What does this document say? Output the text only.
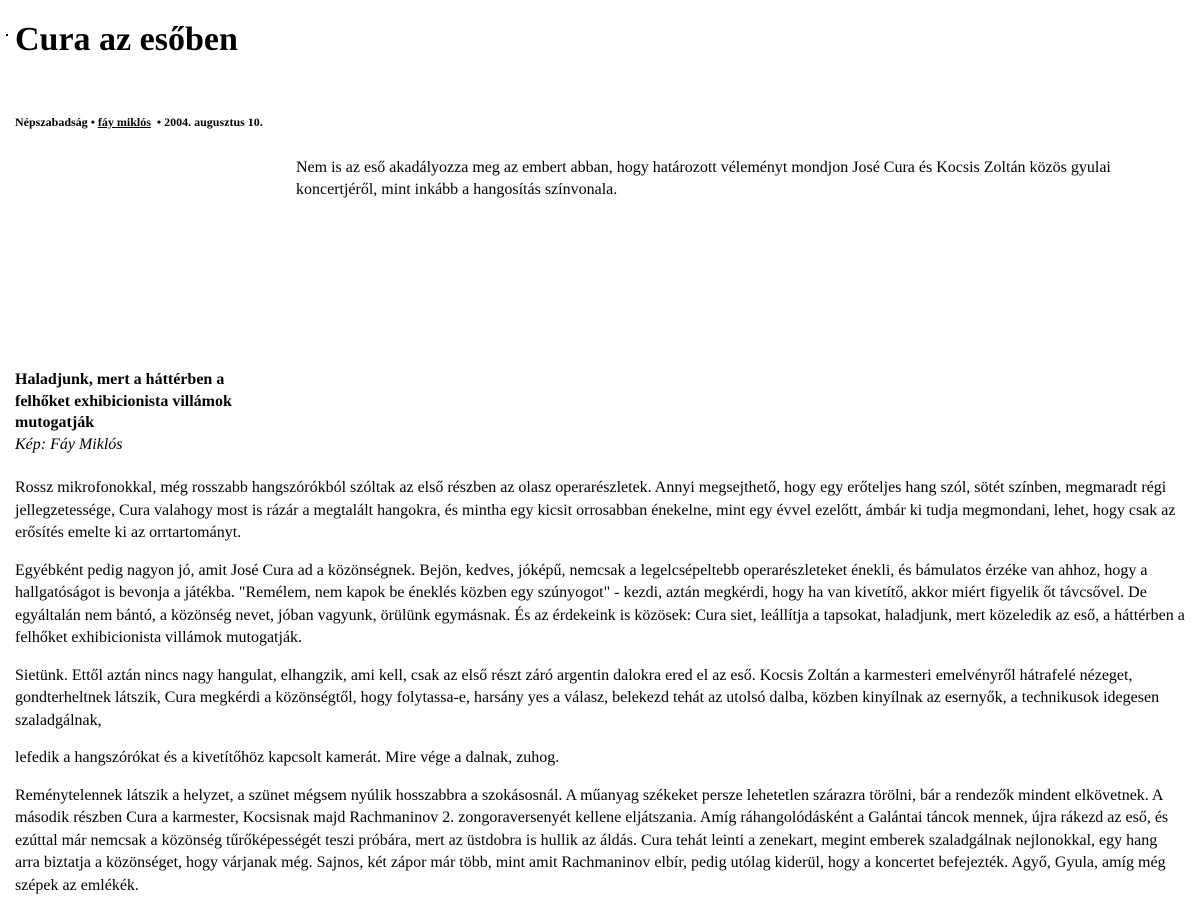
Cura az esőben
Népszabadság • fáy miklós • 2004. augusztus 10.
Nem is az eső akadályozza meg az embert abban, hogy határozott véleményt mondjon José Cura és Kocsis Zoltán közös gyulai koncertjéről, mint inkább a hangosítás színvonala.
Haladjunk, mert a háttérben a felhőket exhibicionista villámok mutogatják
Kép: Fáy Miklós

Rossz mikrofonokkal, még rosszabb hangszórókból szóltak az első részben az olasz operarészletek. Annyi megsejthető, hogy egy erőteljes hang szól, sötét színben, megmaradt régi jellegzetessége, Cura valahogy most is rázár a megtalált hangokra, és mintha egy kicsit orrosabban énekelne, mint egy évvel ezelőtt, ámbár ki tudja megmondani, lehet, hogy csak az erősítés emelte ki az orrtartományt.

Egyébként pedig nagyon jó, amit José Cura ad a közönségnek. Bejön, kedves, jóképű, nemcsak a legelcsépeltebb operarészleteket énekli, és bámulatos érzéke van ahhoz, hogy a hallgatóságot is bevonja a játékba. "Remélem, nem kapok be éneklés közben egy szúnyogot" - kezdi, aztán megkérdi, hogy ha van kivetítő, akkor miért figyelik őt távcsővel. De egyáltalán nem bántó, a közönség nevet, jóban vagyunk, örülünk egymásnak. És az érdekeink is közösek: Cura siet, leállítja a tapsokat, haladjunk, mert közeledik az eső, a háttérben a felhőket exhibicionista villámok mutogatják.

Sietünk. Ettől aztán nincs nagy hangulat, elhangzik, ami kell, csak az első részt záró argentin dalokra ered el az eső. Kocsis Zoltán a karmesteri emelvényről hátrafelé nézeget, gondterheltnek látszik, Cura megkérdi a közönségtől, hogy folytassa-e, harsány yes a válasz, belekezd tehát az utolsó dalba, közben kinyílnak az esernyők, a technikusok idegesen szaladgálnak,

lefedik a hangszórókat és a kivetítőhöz kapcsolt kamerát. Mire vége a dalnak, zuhog.

Reménytelennek látszik a helyzet, a szünet mégsem nyúlik hosszabbra a szokásosnál. A műanyag székeket persze lehetetlen szárazra törölni, bár a rendezők mindent elkövetnek. A második részben Cura a karmester, Kocsisnak majd Rachmaninov 2. zongoraversenyét kellene eljátszania. Amíg ráhangolódásként a Galántai táncok mennek, újra rákezd az eső, és ezúttal már nemcsak a közönség tűrőképességét teszi próbára, mert az üstdobra is hullik az áldás. Cura tehát leinti a zenekart, megint emberek szaladgálnak nejlonokkal, egy hang arra biztatja a közönséget, hogy várjanak még. Sajnos, két zápor már több, mint amit Rachmaninov elbír, pedig utólag kiderül, hogy a koncertet befejezték. Agyő, Gyula, amíg még szépek az emlékék.
